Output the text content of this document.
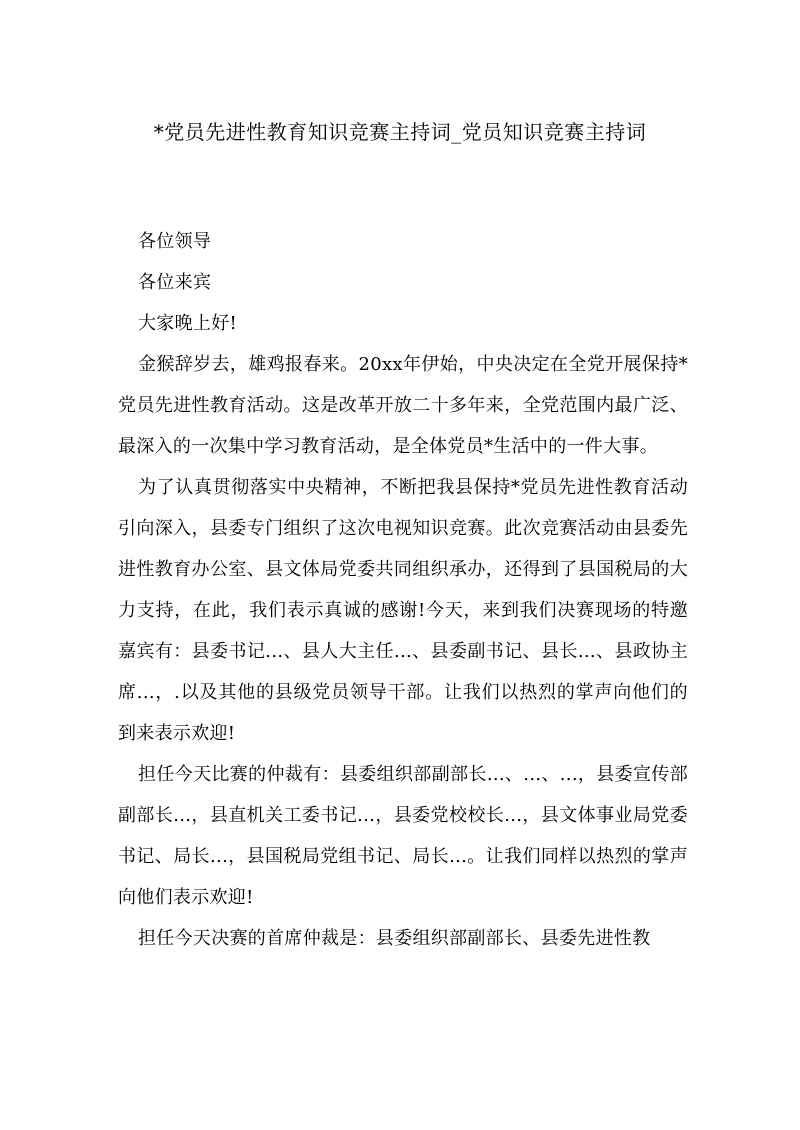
*党员先进性教育知识竞赛主持词_党员知识竞赛主持词

各位领导

各位来宾

大家晚上好!

金猴辞岁去，雄鸡报春来。20xx年伊始，中央决定在全党开展保持*党员先进性教育活动。这是改革开放二十多年来，全党范围内最广泛、最深入的一次集中学习教育活动，是全体党员*生活中的一件大事。

为了认真贯彻落实中央精神，不断把我县保持*党员先进性教育活动引向深入，县委专门组织了这次电视知识竞赛。此次竞赛活动由县委先进性教育办公室、县文体局党委共同组织承办，还得到了县国税局的大力支持，在此，我们表示真诚的感谢!今天，来到我们决赛现场的特邀嘉宾有：县委书记...、县人大主任...、县委副书记、县长...、县政协主席...，.以及其他的县级党员领导干部。让我们以热烈的掌声向他们的到来表示欢迎!

担任今天比赛的仲裁有：县委组织部副部长...、...、...，县委宣传部副部长...，县直机关工委书记...，县委党校校长...，县文体事业局党委书记、局长...，县国税局党组书记、局长...。让我们同样以热烈的掌声向他们表示欢迎!

担任今天决赛的首席仲裁是：县委组织部副部长、县委先进性教
